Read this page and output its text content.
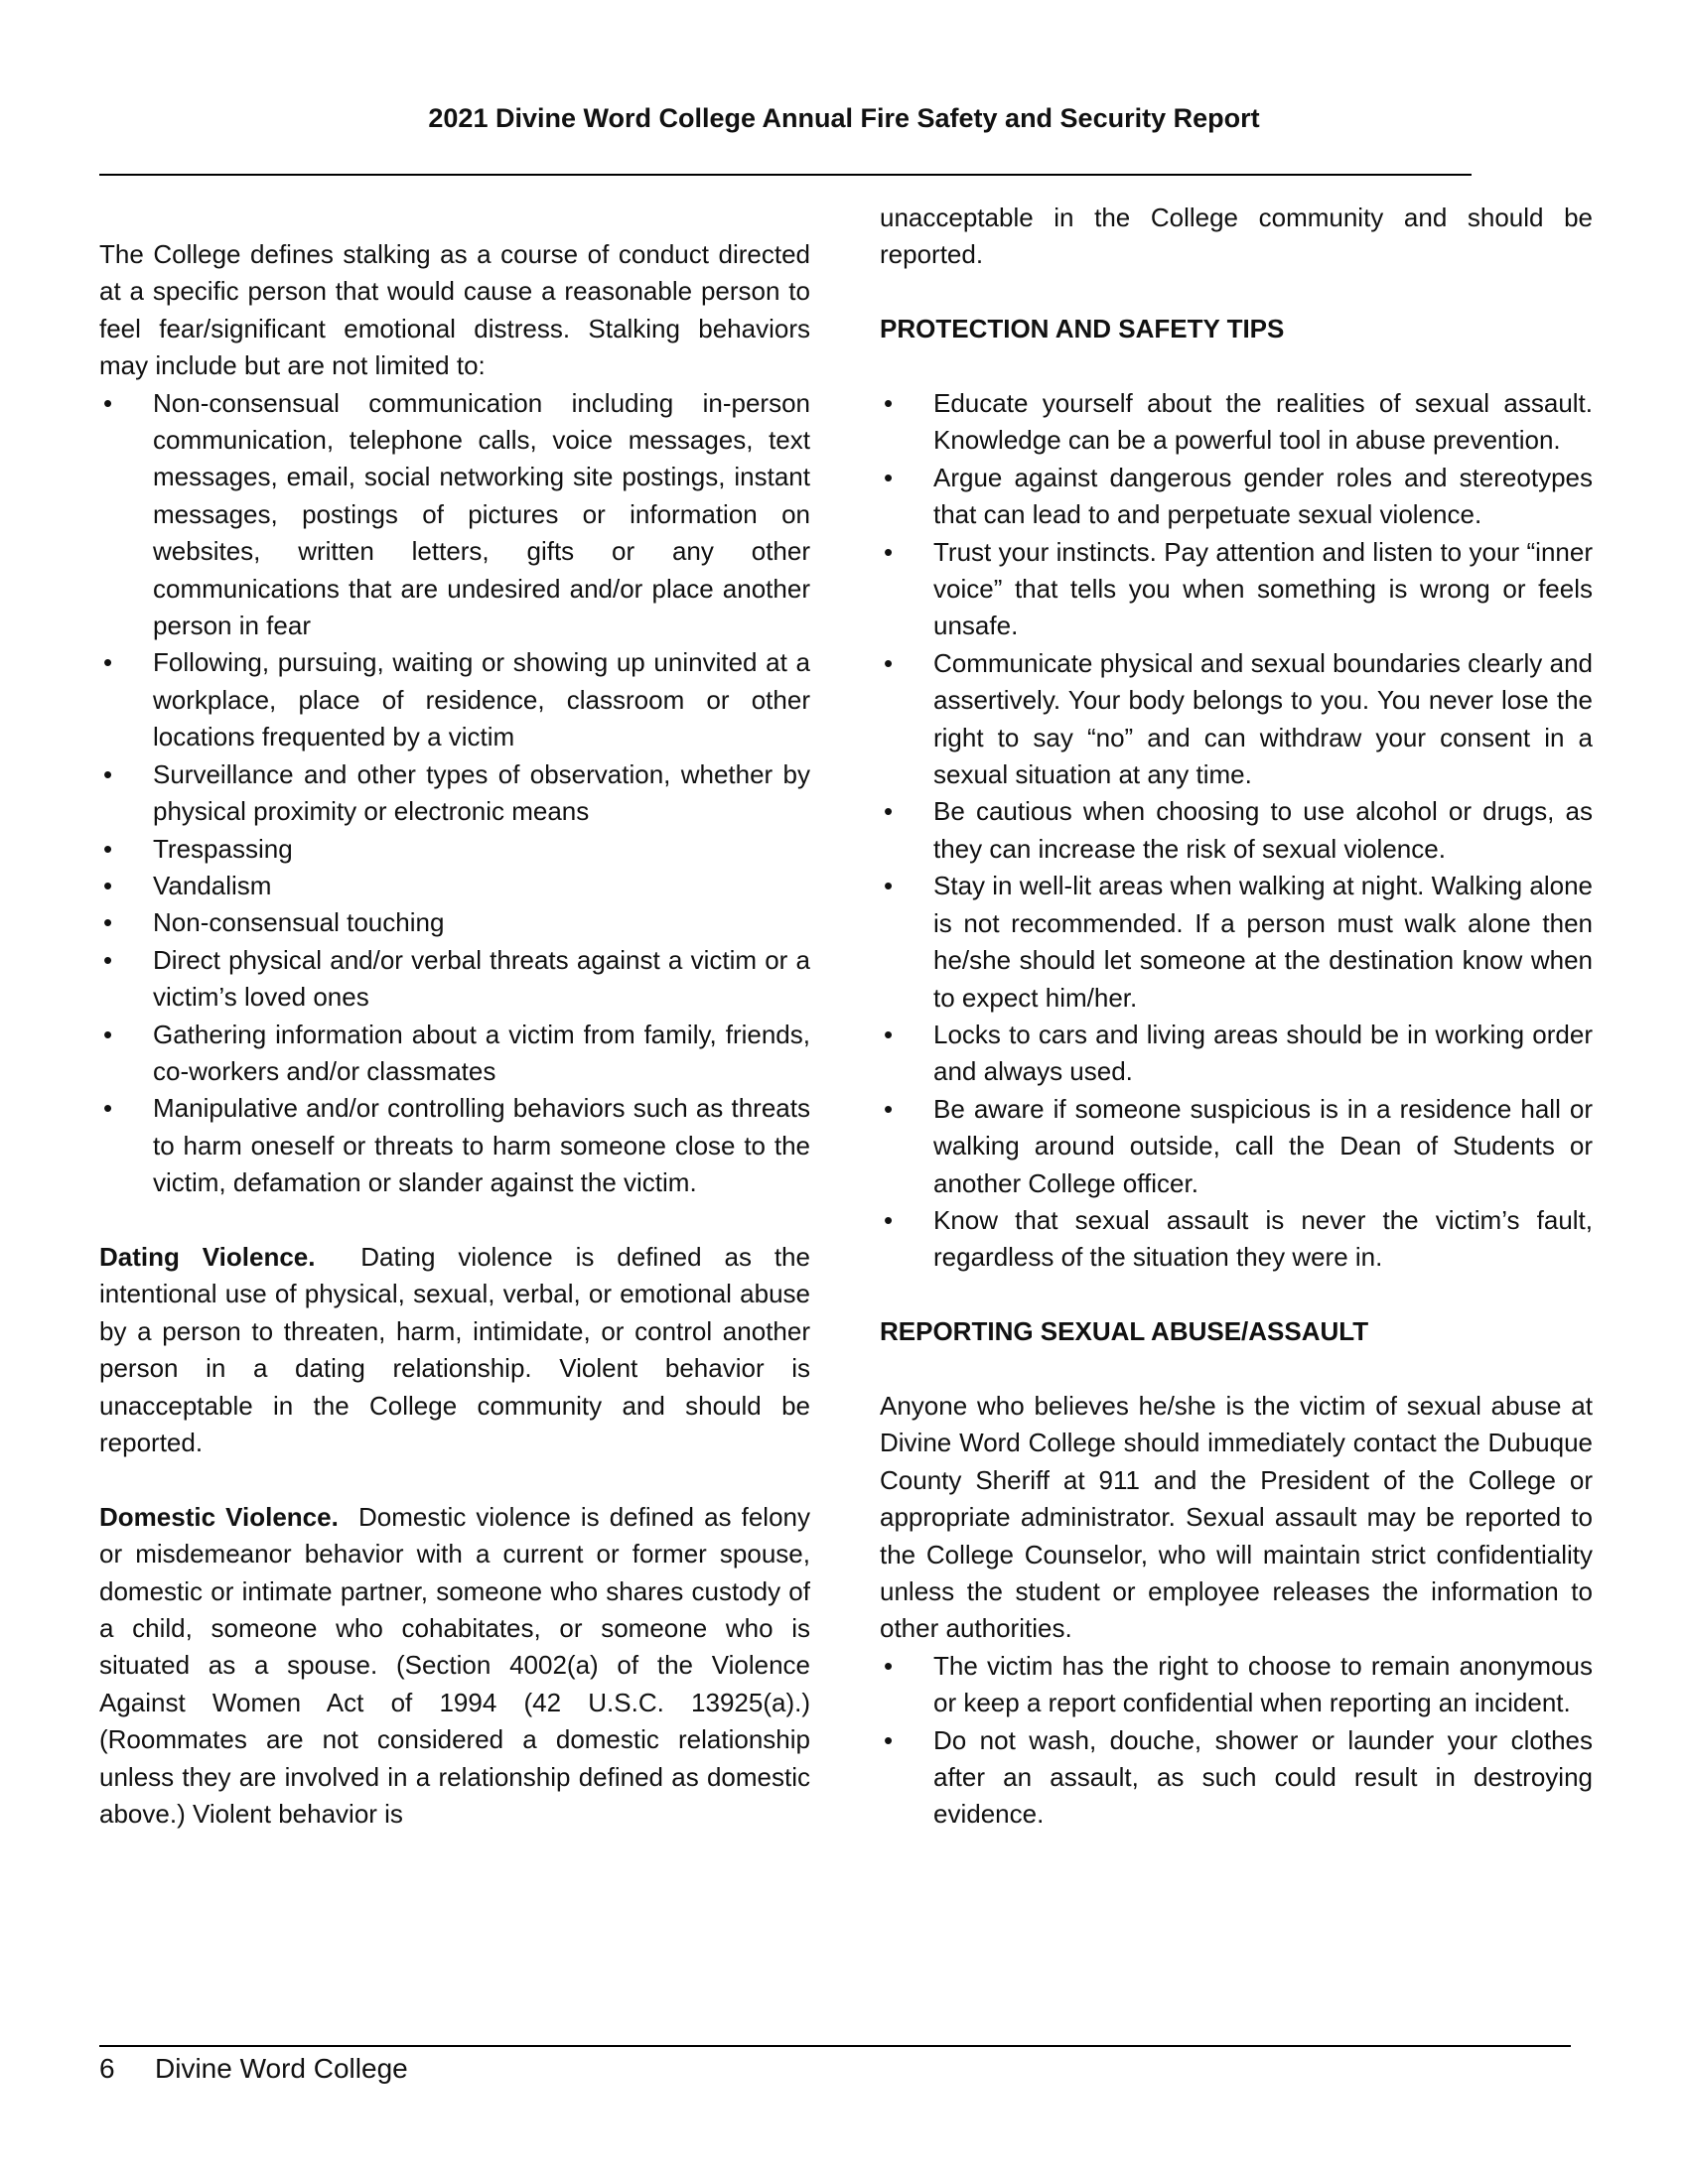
2021 Divine Word College Annual Fire Safety and Security Report

The College defines stalking as a course of conduct directed at a specific person that would cause a reasonable person to feel fear/significant emotional distress. Stalking behaviors may include but are not limited to:

• Non-consensual communication including in-person communication, telephone calls, voice messages, text messages, email, social networking site postings, instant messages, postings of pictures or information on websites, written letters, gifts or any other communications that are undesired and/or place another person in fear
• Following, pursuing, waiting or showing up uninvited at a workplace, place of residence, classroom or other locations frequented by a victim
• Surveillance and other types of observation, whether by physical proximity or electronic means
• Trespassing
• Vandalism
• Non-consensual touching
• Direct physical and/or verbal threats against a victim or a victim’s loved ones
• Gathering information about a victim from family, friends, co-workers and/or classmates
• Manipulative and/or controlling behaviors such as threats to harm oneself or threats to harm someone close to the victim, defamation or slander against the victim.

Dating Violence. Dating violence is defined as the intentional use of physical, sexual, verbal, or emotional abuse by a person to threaten, harm, intimidate, or control another person in a dating relationship. Violent behavior is unacceptable in the College community and should be reported.

Domestic Violence. Domestic violence is defined as felony or misdemeanor behavior with a current or former spouse, domestic or intimate partner, someone who shares custody of a child, someone who cohabitates, or someone who is situated as a spouse. (Section 4002(a) of the Violence Against Women Act of 1994 (42 U.S.C. 13925(a).) (Roommates are not considered a domestic relationship unless they are involved in a relationship defined as domestic above.) Violent behavior is

unacceptable in the College community and should be reported.

PROTECTION AND SAFETY TIPS

• Educate yourself about the realities of sexual assault. Knowledge can be a powerful tool in abuse prevention.
• Argue against dangerous gender roles and stereotypes that can lead to and perpetuate sexual violence.
• Trust your instincts. Pay attention and listen to your “inner voice” that tells you when something is wrong or feels unsafe.
• Communicate physical and sexual boundaries clearly and assertively. Your body belongs to you. You never lose the right to say “no” and can withdraw your consent in a sexual situation at any time.
• Be cautious when choosing to use alcohol or drugs, as they can increase the risk of sexual violence.
• Stay in well-lit areas when walking at night. Walking alone is not recommended. If a person must walk alone then he/she should let someone at the destination know when to expect him/her.
• Locks to cars and living areas should be in working order and always used.
• Be aware if someone suspicious is in a residence hall or walking around outside, call the Dean of Students or another College officer.
• Know that sexual assault is never the victim’s fault, regardless of the situation they were in.

REPORTING SEXUAL ABUSE/ASSAULT

Anyone who believes he/she is the victim of sexual abuse at Divine Word College should immediately contact the Dubuque County Sheriff at 911 and the President of the College or appropriate administrator. Sexual assault may be reported to the College Counselor, who will maintain strict confidentiality unless the student or employee releases the information to other authorities.

• The victim has the right to choose to remain anonymous or keep a report confidential when reporting an incident.
• Do not wash, douche, shower or launder your clothes after an assault, as such could result in destroying evidence.
6 Divine Word College
